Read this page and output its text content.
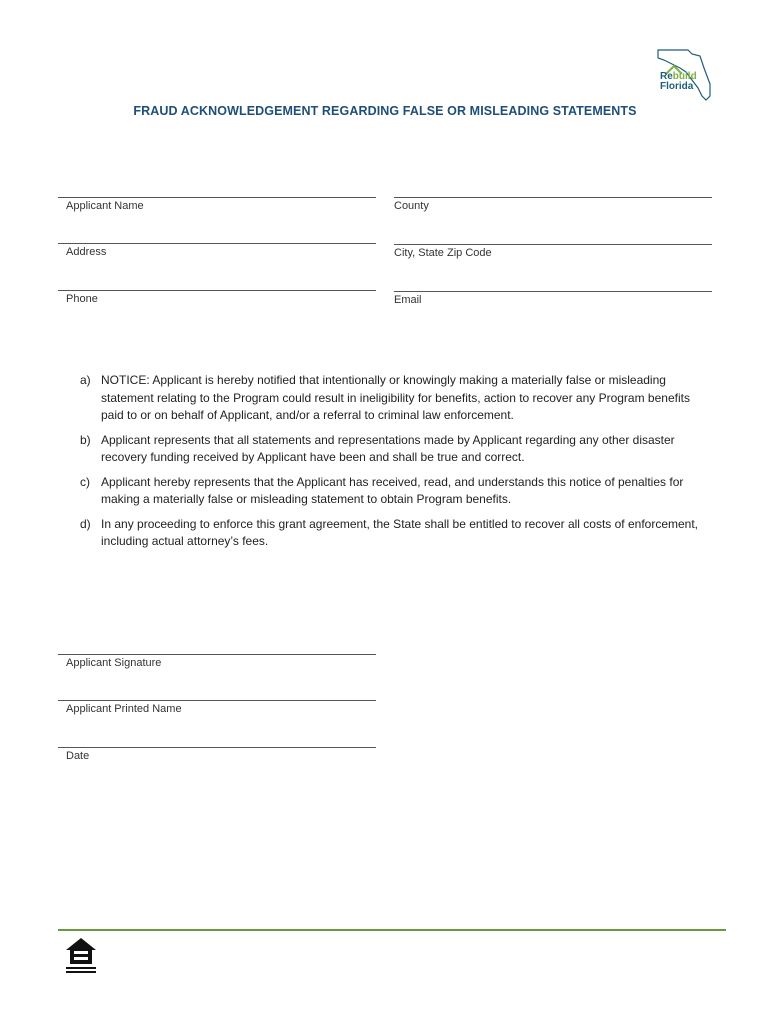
Rebuild
Florida
FRAUD ACKNOWLEDGEMENT REGARDING FALSE OR MISLEADING STATEMENTS
Applicant Name	County
Address	City, State Zip Code
Phone	Email
a) NOTICE: Applicant is hereby notified that intentionally or knowingly making a materially false or misleading statement relating to the Program could result in ineligibility for benefits, action to recover any Program benefits paid to or on behalf of Applicant, and/or a referral to criminal law enforcement.
b) Applicant represents that all statements and representations made by Applicant regarding any other disaster recovery funding received by Applicant have been and shall be true and correct.
c) Applicant hereby represents that the Applicant has received, read, and understands this notice of penalties for making a materially false or misleading statement to obtain Program benefits.
d) In any proceeding to enforce this grant agreement, the State shall be entitled to recover all costs of enforcement, including actual attorney’s fees.
Applicant Signature
Applicant Printed Name
Date
